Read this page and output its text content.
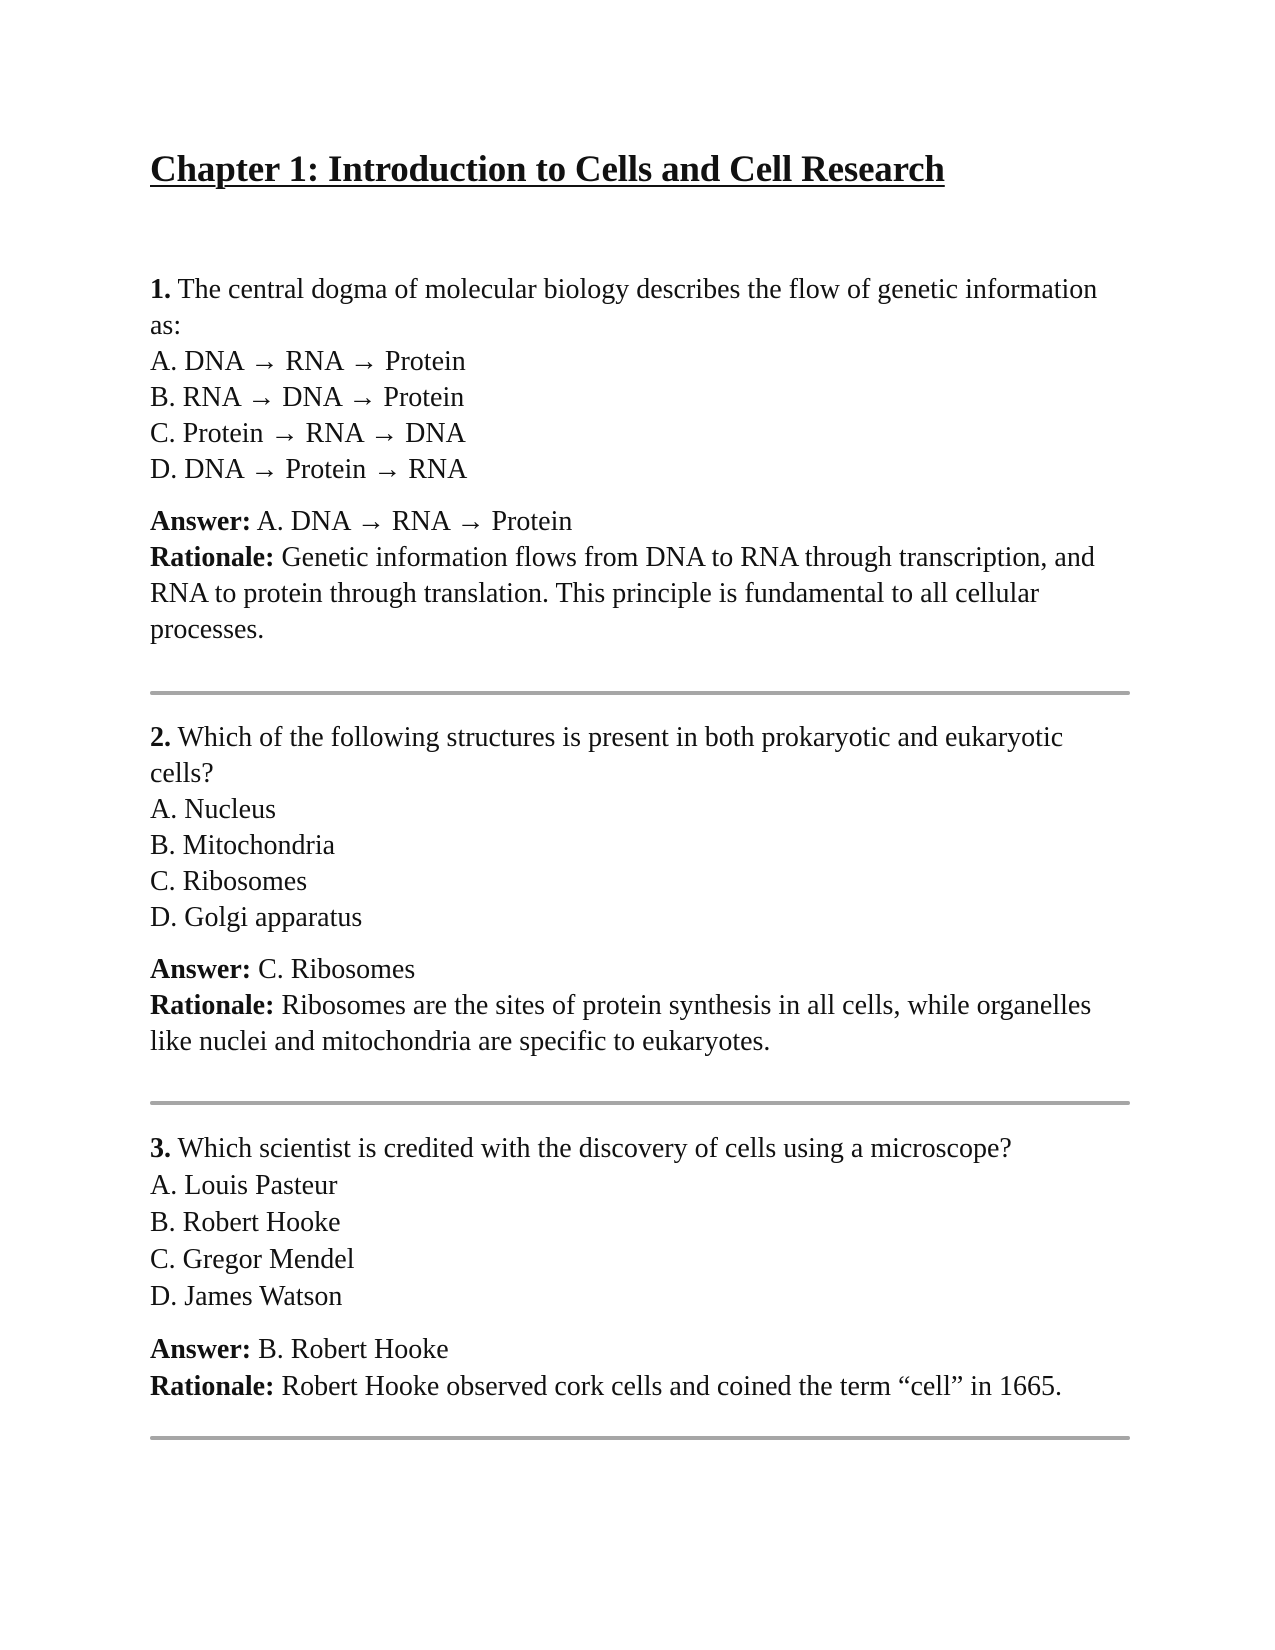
Chapter 1: Introduction to Cells and Cell Research

1. The central dogma of molecular biology describes the flow of genetic information as:

A. DNA → RNA → Protein
B. RNA → DNA → Protein
C. Protein → RNA → DNA
D. DNA → Protein → RNA

Answer: A. DNA → RNA → Protein

Rationale: Genetic information flows from DNA to RNA through transcription, and RNA to protein through translation. This principle is fundamental to all cellular processes.

2. Which of the following structures is present in both prokaryotic and eukaryotic cells?

A. Nucleus
B. Mitochondria
C. Ribosomes
D. Golgi apparatus

Answer: C. Ribosomes

Rationale: Ribosomes are the sites of protein synthesis in all cells, while organelles like nuclei and mitochondria are specific to eukaryotes.

3. Which scientist is credited with the discovery of cells using a microscope?

A. Louis Pasteur
B. Robert Hooke
C. Gregor Mendel
D. James Watson

Answer: B. Robert Hooke

Rationale: Robert Hooke observed cork cells and coined the term “cell” in 1665.
